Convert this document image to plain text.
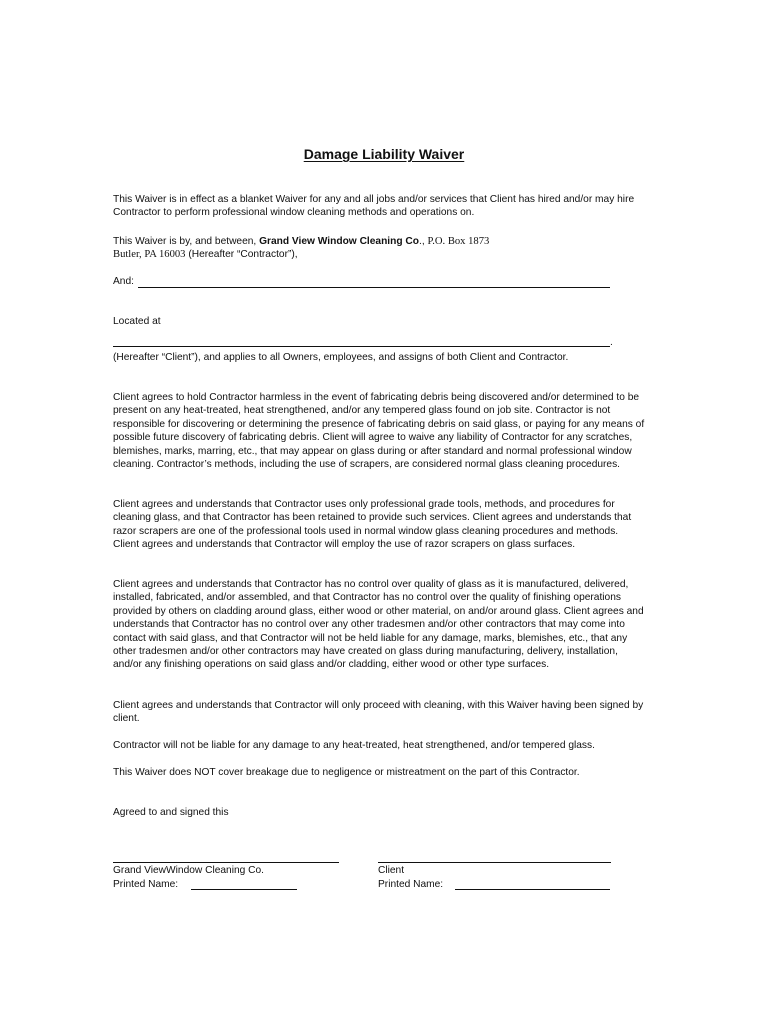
Damage Liability Waiver

This Waiver is in effect as a blanket Waiver for any and all jobs and/or services that Client has hired and/or may hire Contractor to perform professional window cleaning methods and operations on.

This Waiver is by, and between, Grand View Window Cleaning Co., P.O. Box 1873
Butler, PA 16003 (Hereafter “Contractor”),

And:
Located at
.

(Hereafter “Client”), and applies to all Owners, employees, and assigns of both Client and Contractor.

Client agrees to hold Contractor harmless in the event of fabricating debris being discovered and/or determined to be present on any heat-treated, heat strengthened, and/or any tempered glass found on job site. Contractor is not responsible for discovering or determining the presence of fabricating debris on said glass, or paying for any means of possible future discovery of fabricating debris. Client will agree to waive any liability of Contractor for any scratches, blemishes, marks, marring, etc., that may appear on glass during or after standard and normal professional window cleaning. Contractor’s methods, including the use of scrapers, are considered normal glass cleaning procedures.

Client agrees and understands that Contractor uses only professional grade tools, methods, and procedures for cleaning glass, and that Contractor has been retained to provide such services. Client agrees and understands that razor scrapers are one of the professional tools used in normal window glass cleaning procedures and methods. Client agrees and understands that Contractor will employ the use of razor scrapers on glass surfaces.

Client agrees and understands that Contractor has no control over quality of glass as it is manufactured, delivered, installed, fabricated, and/or assembled, and that Contractor has no control over the quality of finishing operations provided by others on cladding around glass, either wood or other material, on and/or around glass. Client agrees and understands that Contractor has no control over any other tradesmen and/or other contractors that may come into contact with said glass, and that Contractor will not be held liable for any damage, marks, blemishes, etc., that any other tradesmen and/or other contractors may have created on glass during manufacturing, delivery, installation, and/or any finishing operations on said glass and/or cladding, either wood or other type surfaces.

Client agrees and understands that Contractor will only proceed with cleaning, with this Waiver having been signed by client.

Contractor will not be liable for any damage to any heat-treated, heat strengthened, and/or tempered glass.

This Waiver does NOT cover breakage due to negligence or mistreatment on the part of this Contractor.

Agreed to and signed this
Grand ViewWindow Cleaning Co.
Printed Name:
Client
Printed Name:
